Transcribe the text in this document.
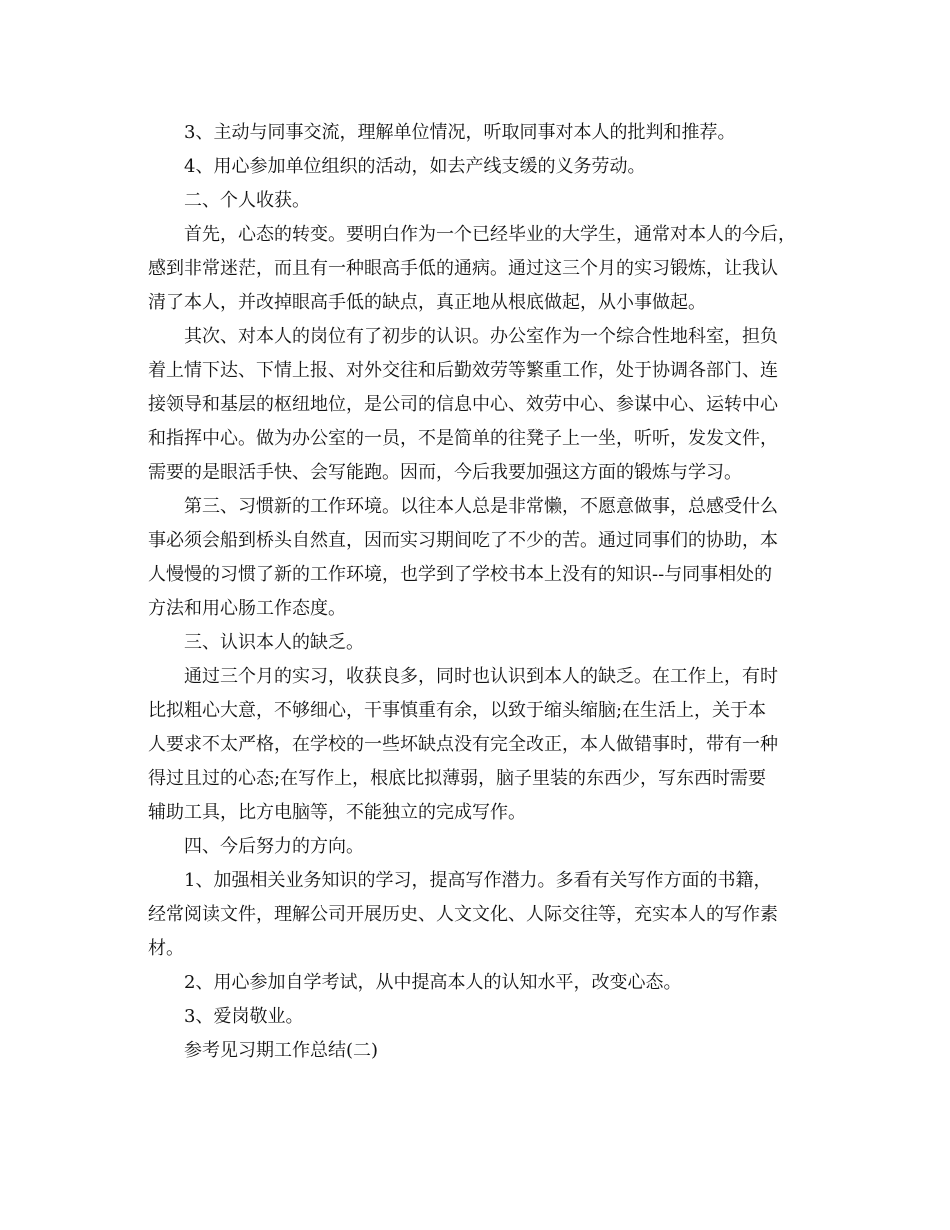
3、主动与同事交流，理解单位情况，听取同事对本人的批判和推荐。
4、用心参加单位组织的活动，如去产线支缓的义务劳动。
二、个人收获。
首先，心态的转变。要明白作为一个已经毕业的大学生，通常对本人的今后，
感到非常迷茫，而且有一种眼高手低的通病。通过这三个月的实习锻炼，让我认
清了本人，并改掉眼高手低的缺点，真正地从根底做起，从小事做起。
其次、对本人的岗位有了初步的认识。办公室作为一个综合性地科室，担负
着上情下达、下情上报、对外交往和后勤效劳等繁重工作，处于协调各部门、连
接领导和基层的枢纽地位，是公司的信息中心、效劳中心、参谋中心、运转中心
和指挥中心。做为办公室的一员，不是简单的往凳子上一坐，听听，发发文件，
需要的是眼活手快、会写能跑。因而，今后我要加强这方面的锻炼与学习。
第三、习惯新的工作环境。以往本人总是非常懒，不愿意做事，总感受什么
事必须会船到桥头自然直，因而实习期间吃了不少的苦。通过同事们的协助，本
人慢慢的习惯了新的工作环境，也学到了学校书本上没有的知识--与同事相处的
方法和用心肠工作态度。
三、认识本人的缺乏。
通过三个月的实习，收获良多，同时也认识到本人的缺乏。在工作上，有时
比拟粗心大意，不够细心，干事慎重有余，以致于缩头缩脑;在生活上，关于本
人要求不太严格，在学校的一些坏缺点没有完全改正，本人做错事时，带有一种
得过且过的心态;在写作上，根底比拟薄弱，脑子里装的东西少，写东西时需要
辅助工具，比方电脑等，不能独立的完成写作。
四、今后努力的方向。
1、加强相关业务知识的学习，提高写作潜力。多看有关写作方面的书籍，
经常阅读文件，理解公司开展历史、人文文化、人际交往等，充实本人的写作素
材。
2、用心参加自学考试，从中提高本人的认知水平，改变心态。
3、爱岗敬业。
参考见习期工作总结(二)
